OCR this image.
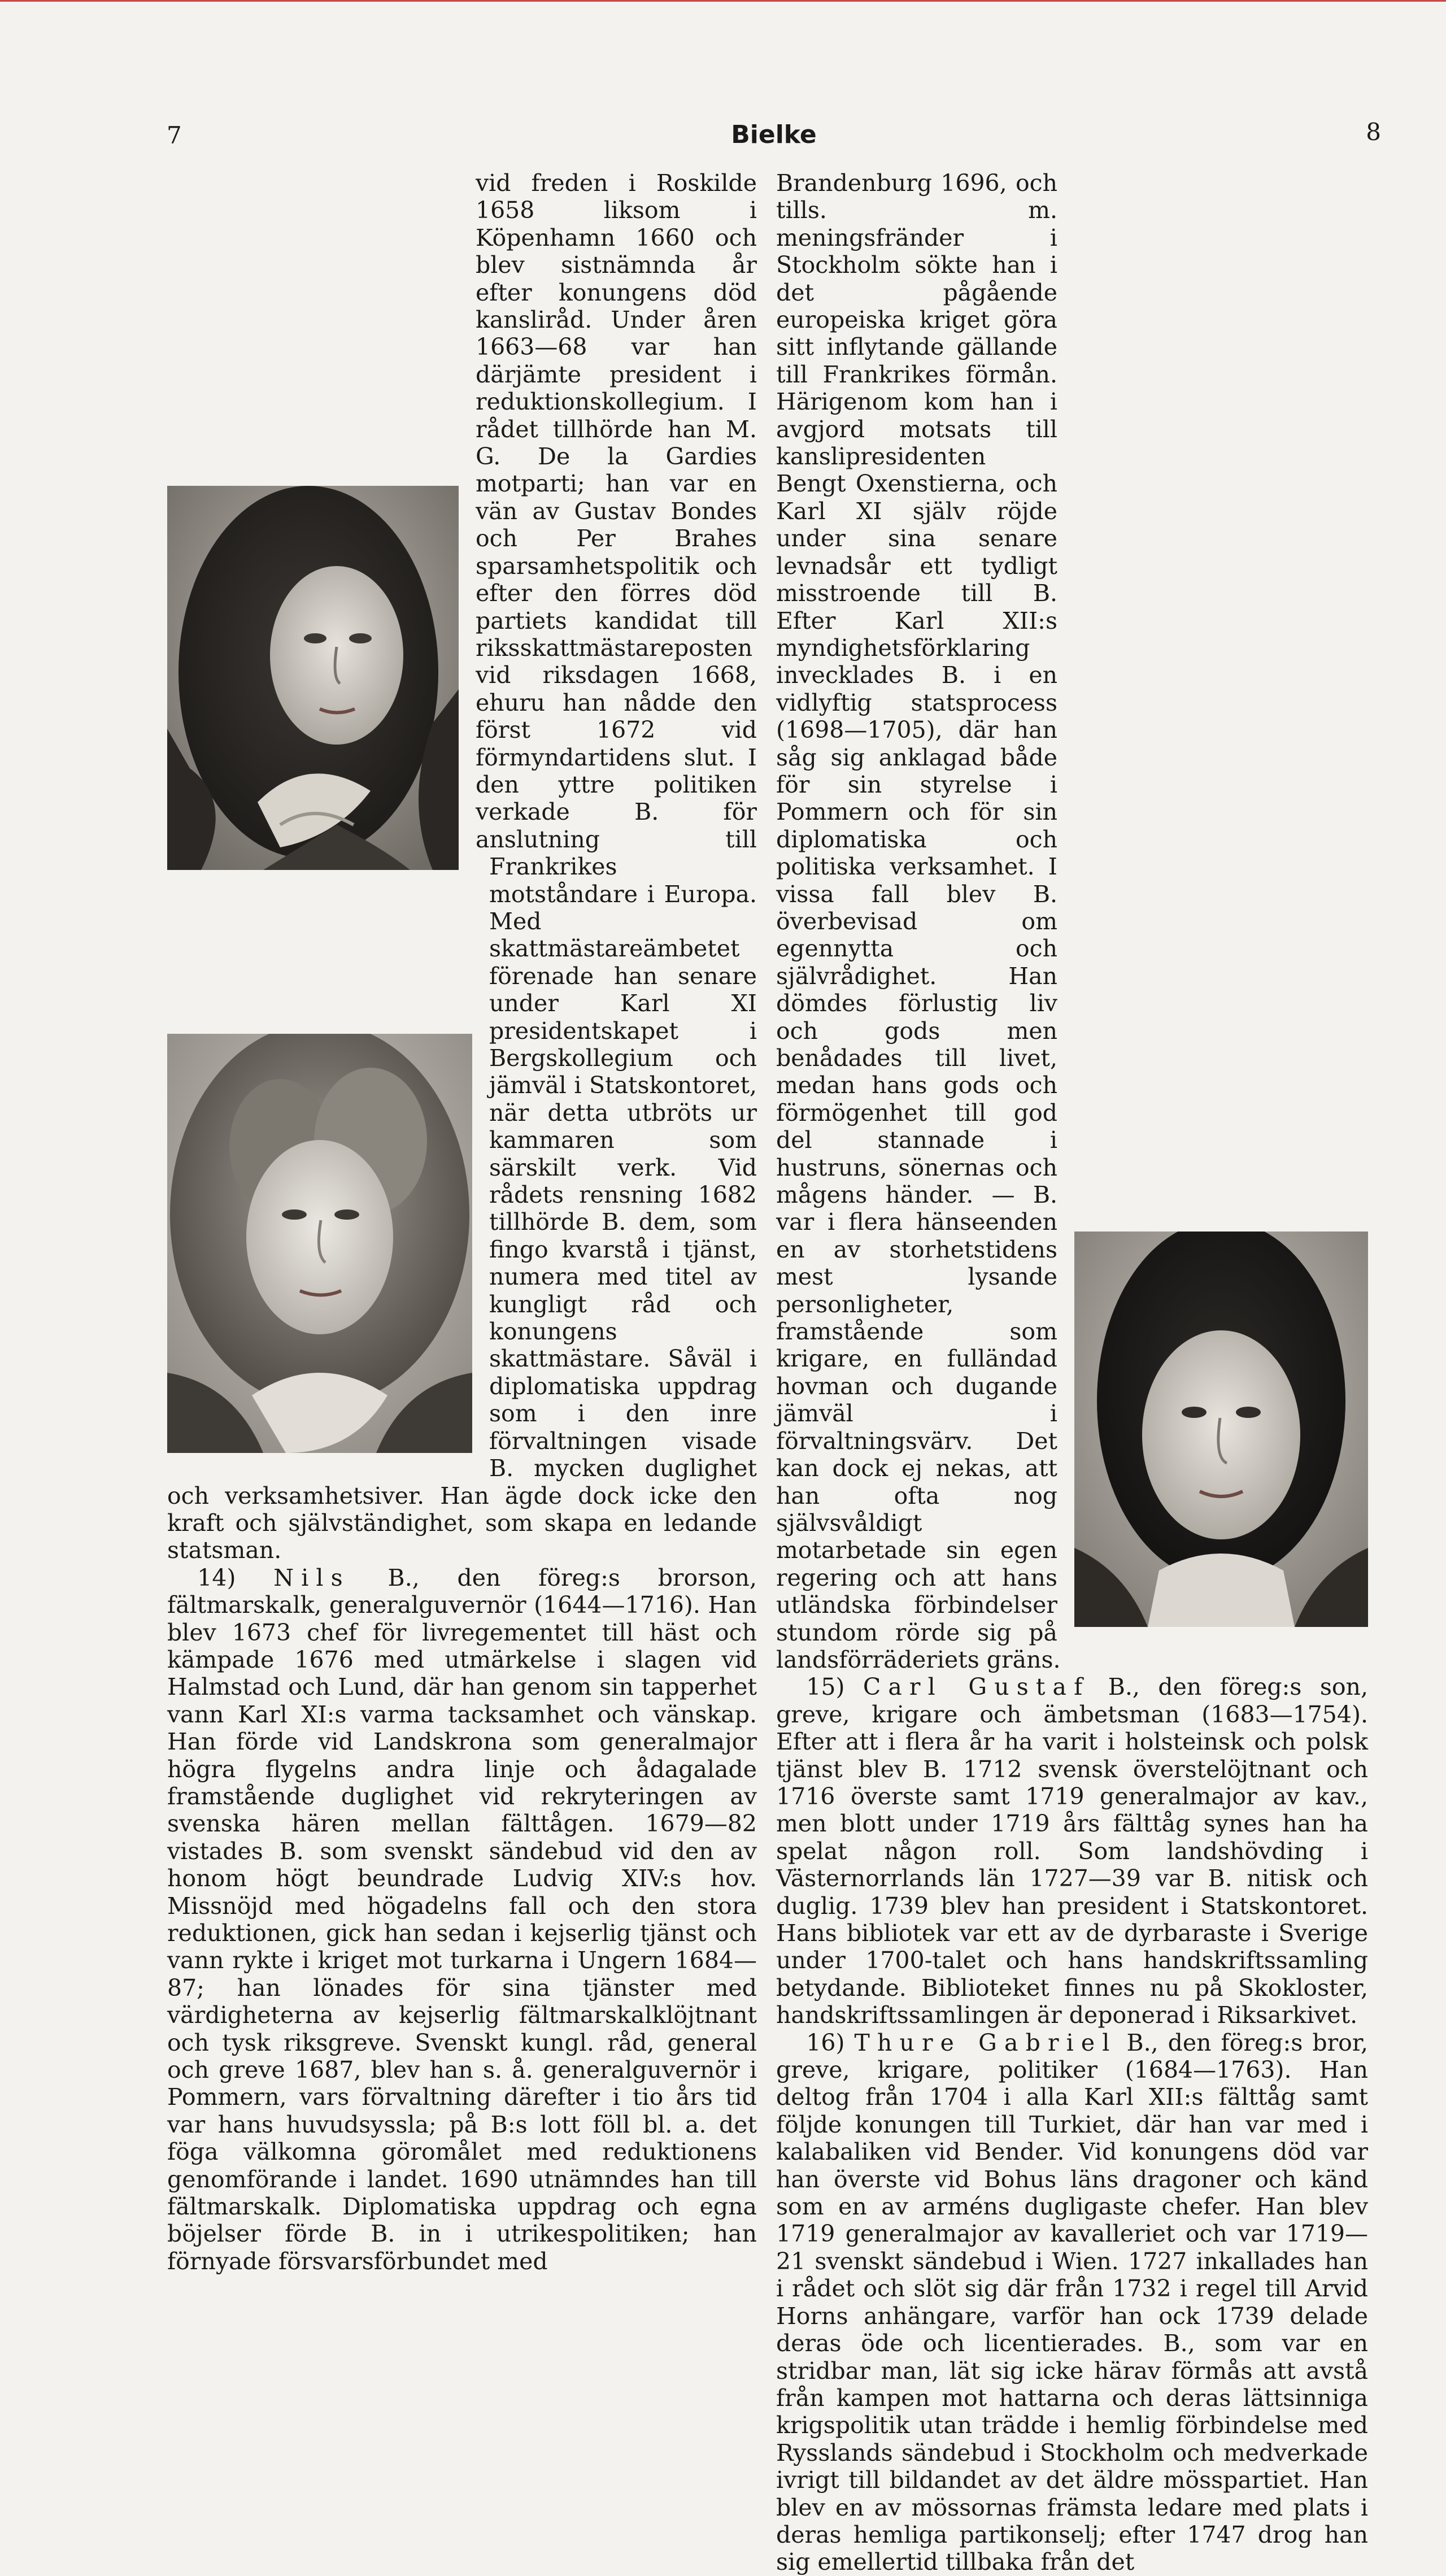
7	Bielke	8

vid freden i Roskilde 1658 liksom i Köpenhamn 1660 och blev sistnämnda år efter konungens död kansliråd. Under åren 1663—68 var han därjämte president i reduktionskollegium. I rådet tillhörde han M. G. De la Gardies motparti; han var en vän av Gustav Bondes och Per Brahes sparsamhetspolitik och efter den förres död partiets kandidat till riksskattmästareposten vid riksdagen 1668, ehuru han nådde den först 1672 vid förmyndartidens slut. I den yttre politiken verkade B. för anslutning till Frankrikes motståndare i Europa. Med skattmästareämbetet förenade han senare under Karl XI presidentskapet i Bergskollegium och jämväl i Statskontoret, när detta utbröts ur kammaren som särskilt verk. Vid rådets rensning 1682 tillhörde B. dem, som fingo kvarstå i tjänst, numera med titel av kungligt råd och konungens skattmästare. Såväl i diplomatiska uppdrag som i den inre förvaltningen visade B. mycken duglighet och verksamhetsiver. Han ägde dock icke den kraft och självständighet, som skapa en ledande statsman.

14) Nils B., den föreg:s brorson, fältmarskalk, generalguvernör (1644—1716). Han blev 1673 chef för livregementet till häst och kämpade 1676 med utmärkelse i slagen vid Halmstad och Lund, där han genom sin tapperhet vann Karl XI:s varma tacksamhet och vänskap. Han förde vid Landskrona som generalmajor högra flygelns andra linje och ådagalade framstående duglighet vid rekryteringen av svenska hären mellan fälttågen. 1679—82 vistades B. som svenskt sändebud vid den av honom högt beundrade Ludvig XIV:s hov. Missnöjd med högadelns fall och den stora reduktionen, gick han sedan i kejserlig tjänst och vann rykte i kriget mot turkarna i Ungern 1684—87; han lönades för sina tjänster med värdigheterna av kejserlig fältmarskalklöjtnant och tysk riksgreve. Svenskt kungl. råd, general och greve 1687, blev han s. å. generalguvernör i Pommern, vars förvaltning därefter i tio års tid var hans huvudsyssla; på B:s lott föll bl. a. det föga välkomna göromålet med reduktionens genomförande i landet. 1690 utnämndes han till fältmarskalk. Diplomatiska uppdrag och egna böjelser förde B. in i utrikespolitiken; han förnyade försvarsförbundet med

Brandenburg 1696, och tills. m. meningsfränder i Stockholm sökte han i det pågående europeiska kriget göra sitt inflytande gällande till Frankrikes förmån. Härigenom kom han i avgjord motsats till kanslipresidenten Bengt Oxenstierna, och Karl XI själv röjde under sina senare levnadsår ett tydligt misstroende till B. Efter Karl XII:s myndighetsförklaring invecklades B. i en vidlyftig statsprocess (1698—1705), där han såg sig anklagad både för sin styrelse i Pommern och för sin diplomatiska och politiska verksamhet. I vissa fall blev B. överbevisad om egennytta och självrådighet. Han dömdes förlustig liv och gods men benådades till livet, medan hans gods och förmögenhet till god del stannade i hustruns, sönernas och mågens händer. — B. var i flera hänseenden en av storhetstidens mest lysande personligheter, framstående som krigare, en fulländad hovman och dugande jämväl i förvaltningsvärv. Det kan dock ej nekas, att han ofta nog självsvåldigt motarbetade sin egen regering och att hans utländska förbindelser stundom rörde sig på landsförräderiets gräns.

15) Carl Gustaf B., den föreg:s son, greve, krigare och ämbetsman (1683—1754). Efter att i flera år ha varit i holsteinsk och polsk tjänst blev B. 1712 svensk överstelöjtnant och 1716 överste samt 1719 generalmajor av kav., men blott under 1719 års fälttåg synes han ha spelat någon roll. Som landshövding i Västernorrlands län 1727—39 var B. nitisk och duglig. 1739 blev han president i Statskontoret. Hans bibliotek var ett av de dyrbaraste i Sverige under 1700-talet och hans handskriftssamling betydande. Biblioteket finnes nu på Skokloster, handskriftssamlingen är deponerad i Riksarkivet.

16) Thure Gabriel B., den föreg:s bror, greve, krigare, politiker (1684—1763). Han deltog från 1704 i alla Karl XII:s fälttåg samt följde konungen till Turkiet, där han var med i kalabaliken vid Bender. Vid konungens död var han överste vid Bohus läns dragoner och känd som en av arméns dugligaste chefer. Han blev 1719 generalmajor av kavalleriet och var 1719—21 svenskt sändebud i Wien. 1727 inkallades han i rådet och slöt sig där från 1732 i regel till Arvid Horns anhängare, varför han ock 1739 delade deras öde och licentierades. B., som var en stridbar man, lät sig icke härav förmås att avstå från kampen mot hattarna och deras lättsinniga krigspolitik utan trädde i hemlig förbindelse med Rysslands sändebud i Stockholm och medverkade ivrigt till bildandet av det äldre mösspartiet. Han blev en av mössornas främsta ledare med plats i deras hemliga partikonselj; efter 1747 drog han sig emellertid tillbaka från det
